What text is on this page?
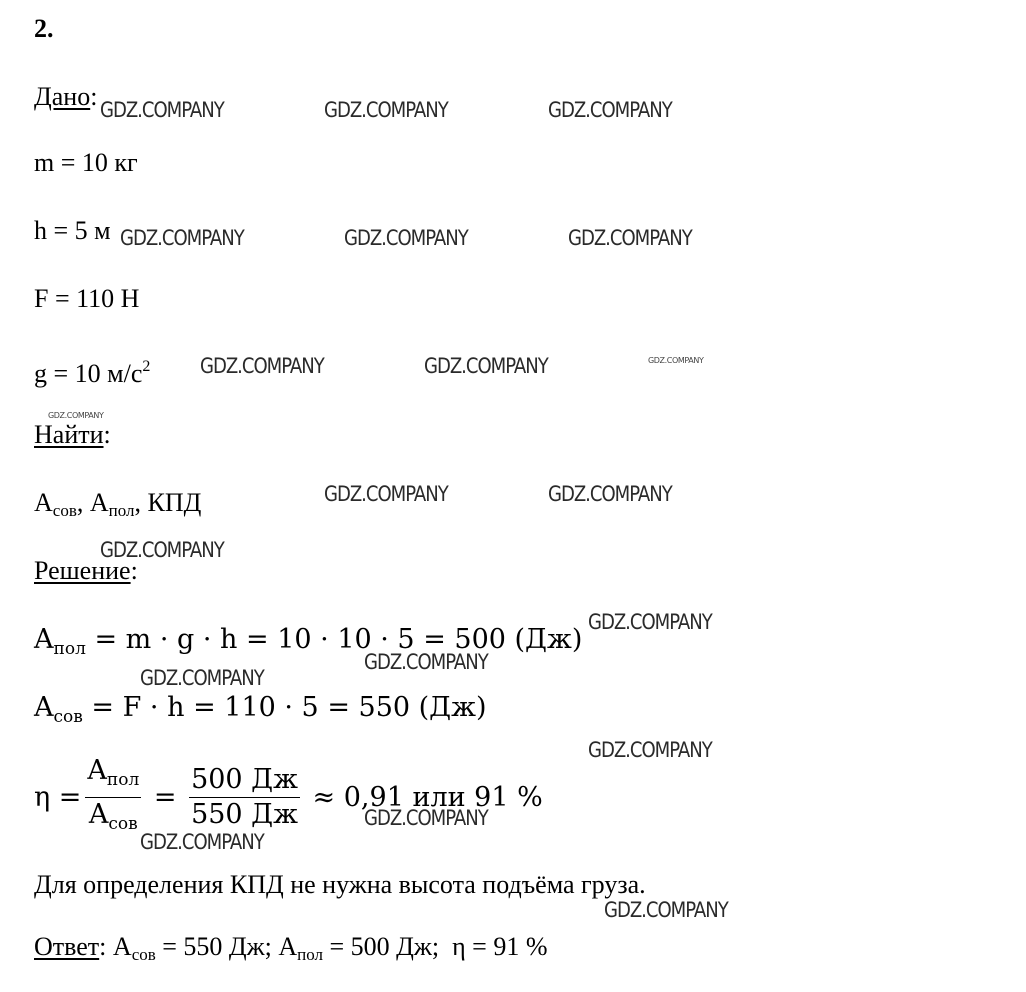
2.
Дано:
m = 10 кг
h = 5 м
F = 110 Н
g = 10 $м/с^2$
Найти:
$A_{сов}$, $A_{пол}$, КПД
Решение:
$A_{пол} = m \cdot g \cdot h = 10 \cdot 10 \cdot 5 = 500$ (Дж)
$A_{сов} = F \cdot h = 110 \cdot 5 = 550$ (Дж)
$\eta = \frac{A_{пол}}{A_{сов}} = \frac{500 Дж}{550 Дж} \approx 0,91$ или 91 %
Для определения КПД не нужна высота подъёма груза.
Ответ: $A_{сов} = 550$ Дж; $A_{пол} = 500$ Дж;  η = 91 %
GDZ.COMPANY	GDZ.COMPANY	GDZ.COMPANY
GDZ.COMPANY	GDZ.COMPANY	GDZ.COMPANY
GDZ.COMPANY	GDZ.COMPANY	GDZ.COMPANY
GDZ.COMPANY
GDZ.COMPANY	GDZ.COMPANY
GDZ.COMPANY
GDZ.COMPANY
GDZ.COMPANY
GDZ.COMPANY
GDZ.COMPANY
GDZ.COMPANY
GDZ.COMPANY
GDZ.COMPANY
